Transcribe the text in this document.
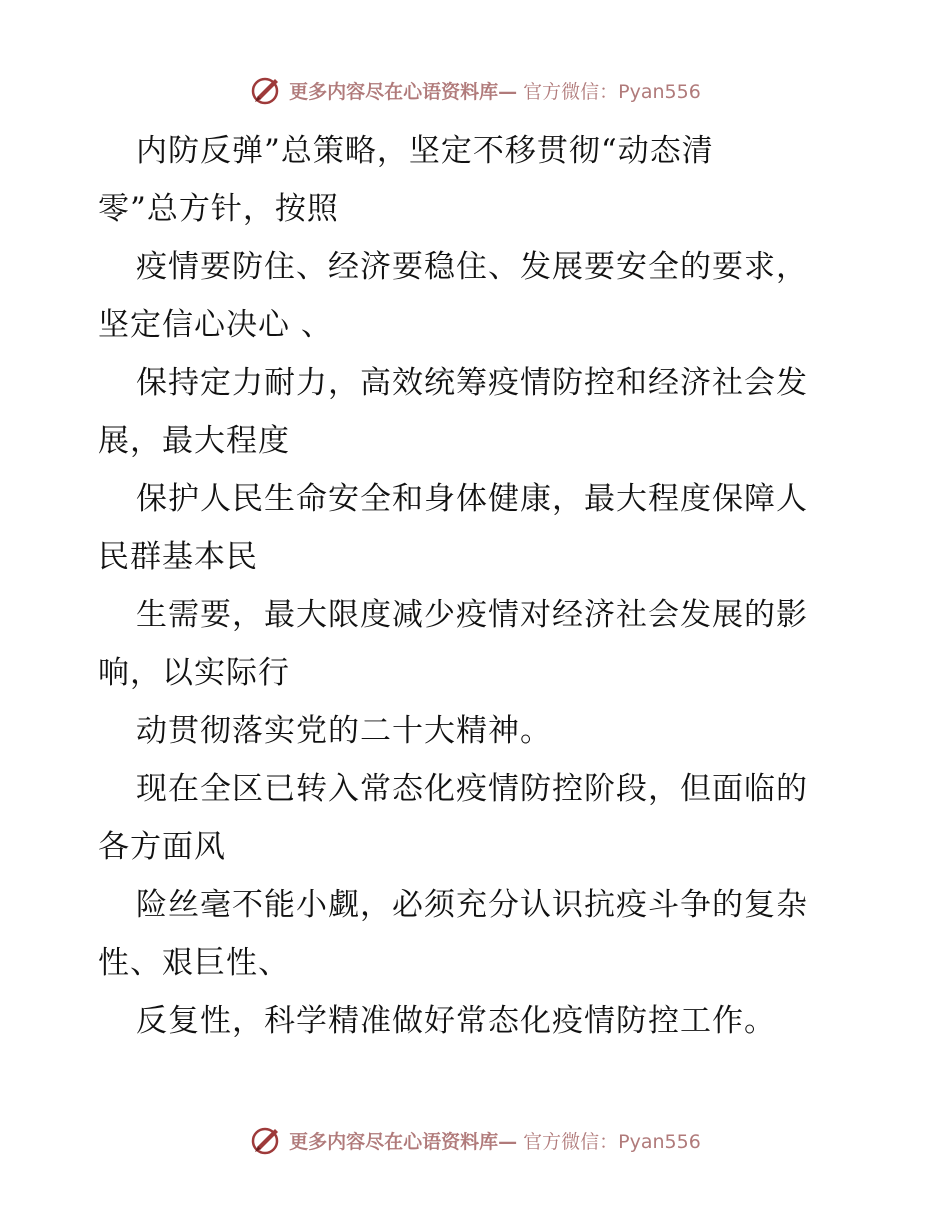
更多内容尽在心语资料库— 官方微信：Pyan556
内防反弹”总策略，坚定不移贯彻“动态清
零”总方针，按照
疫情要防住、经济要稳住、发展要安全的要求，
坚定信心决心 、
保持定力耐力，高效统筹疫情防控和经济社会发
展，最大程度
保护人民生命安全和身体健康，最大程度保障人
民群基本民
生需要，最大限度减少疫情对经济社会发展的影
响，以实际行
动贯彻落实党的二十大精神。
现在全区已转入常态化疫情防控阶段，但面临的
各方面风
险丝毫不能小觑，必须充分认识抗疫斗争的复杂
性、艰巨性、
反复性，科学精准做好常态化疫情防控工作。
更多内容尽在心语资料库— 官方微信：Pyan556
